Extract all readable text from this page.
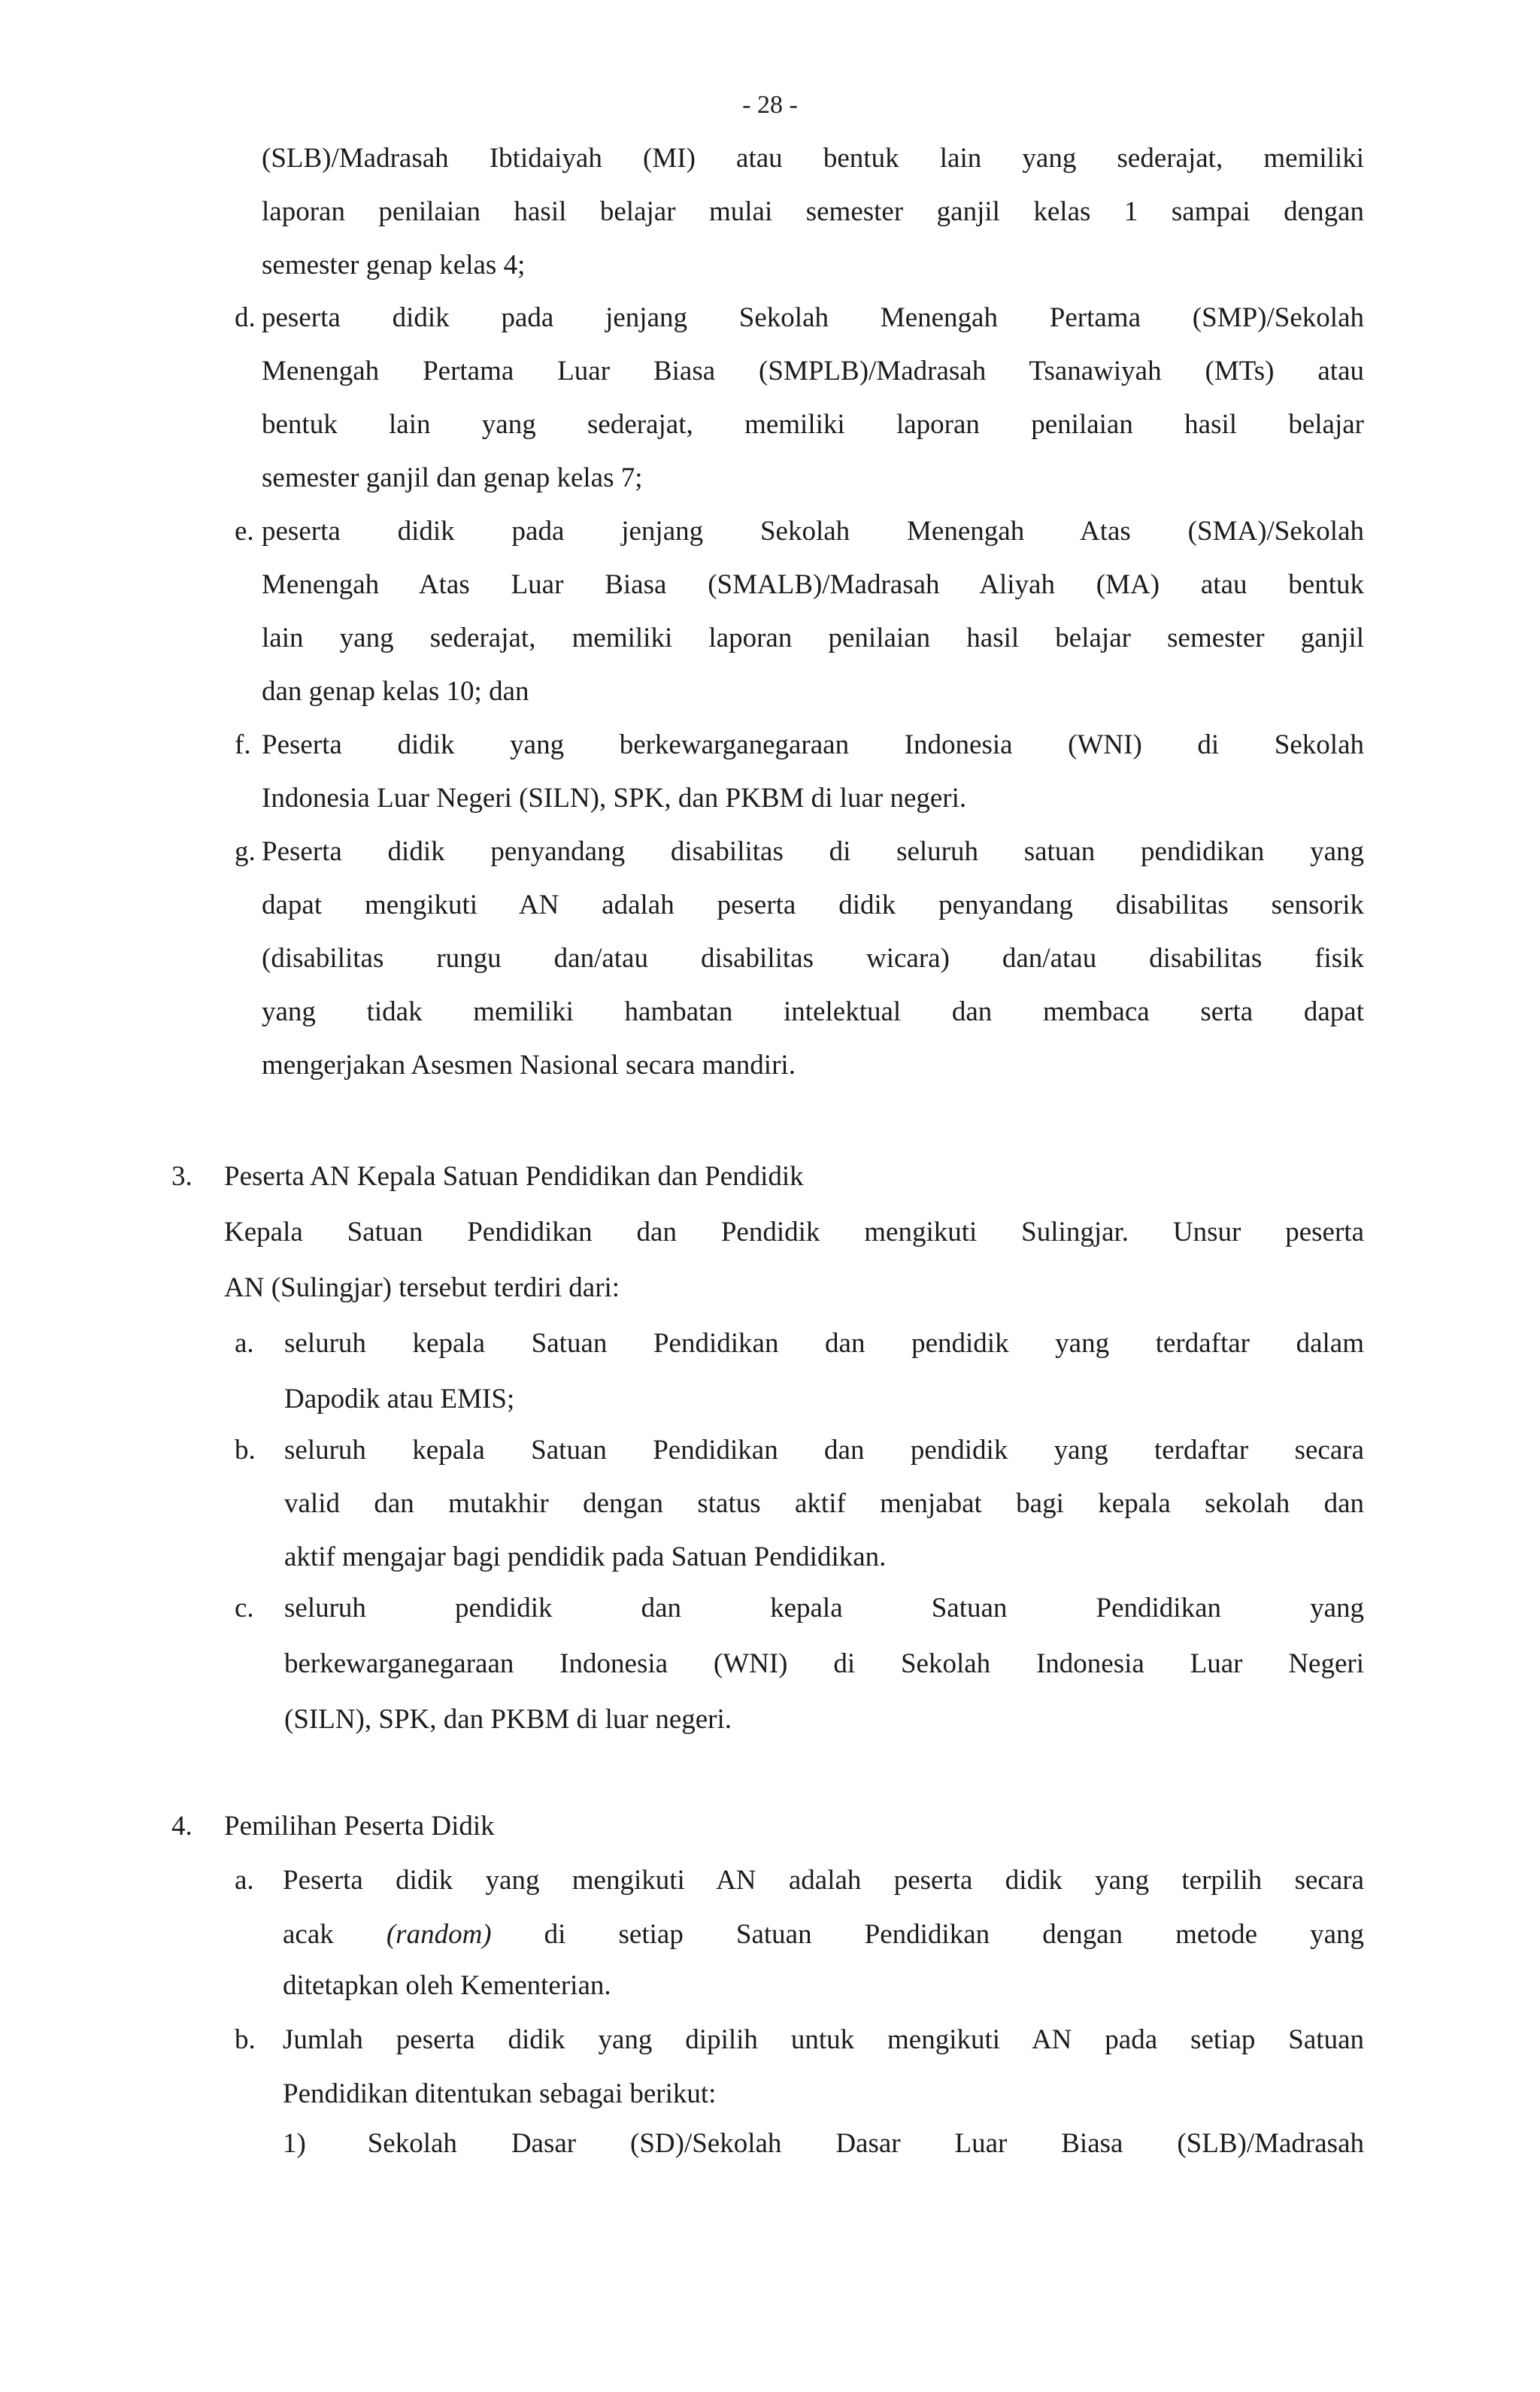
- 28 -
(SLB)/Madrasah Ibtidaiyah (MI) atau bentuk lain yang sederajat, memiliki
laporan penilaian hasil belajar mulai semester ganjil kelas 1 sampai dengan
semester genap kelas 4;
d. peserta didik pada jenjang Sekolah Menengah Pertama (SMP)/Sekolah
Menengah Pertama Luar Biasa (SMPLB)/Madrasah Tsanawiyah (MTs) atau
bentuk lain yang sederajat, memiliki laporan penilaian hasil belajar
semester ganjil dan genap kelas 7;
e. peserta didik pada jenjang Sekolah Menengah Atas (SMA)/Sekolah
Menengah Atas Luar Biasa (SMALB)/Madrasah Aliyah (MA) atau bentuk
lain yang sederajat, memiliki laporan penilaian hasil belajar semester ganjil
dan genap kelas 10; dan
f. Peserta didik yang berkewarganegaraan Indonesia (WNI) di Sekolah
Indonesia Luar Negeri (SILN), SPK, dan PKBM di luar negeri.
g. Peserta didik penyandang disabilitas di seluruh satuan pendidikan yang
dapat mengikuti AN adalah peserta didik penyandang disabilitas sensorik
(disabilitas rungu dan/atau disabilitas wicara) dan/atau disabilitas fisik
yang tidak memiliki hambatan intelektual dan membaca serta dapat
mengerjakan Asesmen Nasional secara mandiri.
3. Peserta AN Kepala Satuan Pendidikan dan Pendidik
Kepala Satuan Pendidikan dan Pendidik mengikuti Sulingjar. Unsur peserta
AN (Sulingjar) tersebut terdiri dari:
a. seluruh kepala Satuan Pendidikan dan pendidik yang terdaftar dalam
Dapodik atau EMIS;
b. seluruh kepala Satuan Pendidikan dan pendidik yang terdaftar secara
valid dan mutakhir dengan status aktif menjabat bagi kepala sekolah dan
aktif mengajar bagi pendidik pada Satuan Pendidikan.
c. seluruh pendidik dan kepala Satuan Pendidikan yang
berkewarganegaraan Indonesia (WNI) di Sekolah Indonesia Luar Negeri
(SILN), SPK, dan PKBM di luar negeri.
4. Pemilihan Peserta Didik
a. Peserta didik yang mengikuti AN adalah peserta didik yang terpilih secara
acak (random) di setiap Satuan Pendidikan dengan metode yang
ditetapkan oleh Kementerian.
b. Jumlah peserta didik yang dipilih untuk mengikuti AN pada setiap Satuan
Pendidikan ditentukan sebagai berikut:
1) Sekolah Dasar (SD)/Sekolah Dasar Luar Biasa (SLB)/Madrasah
